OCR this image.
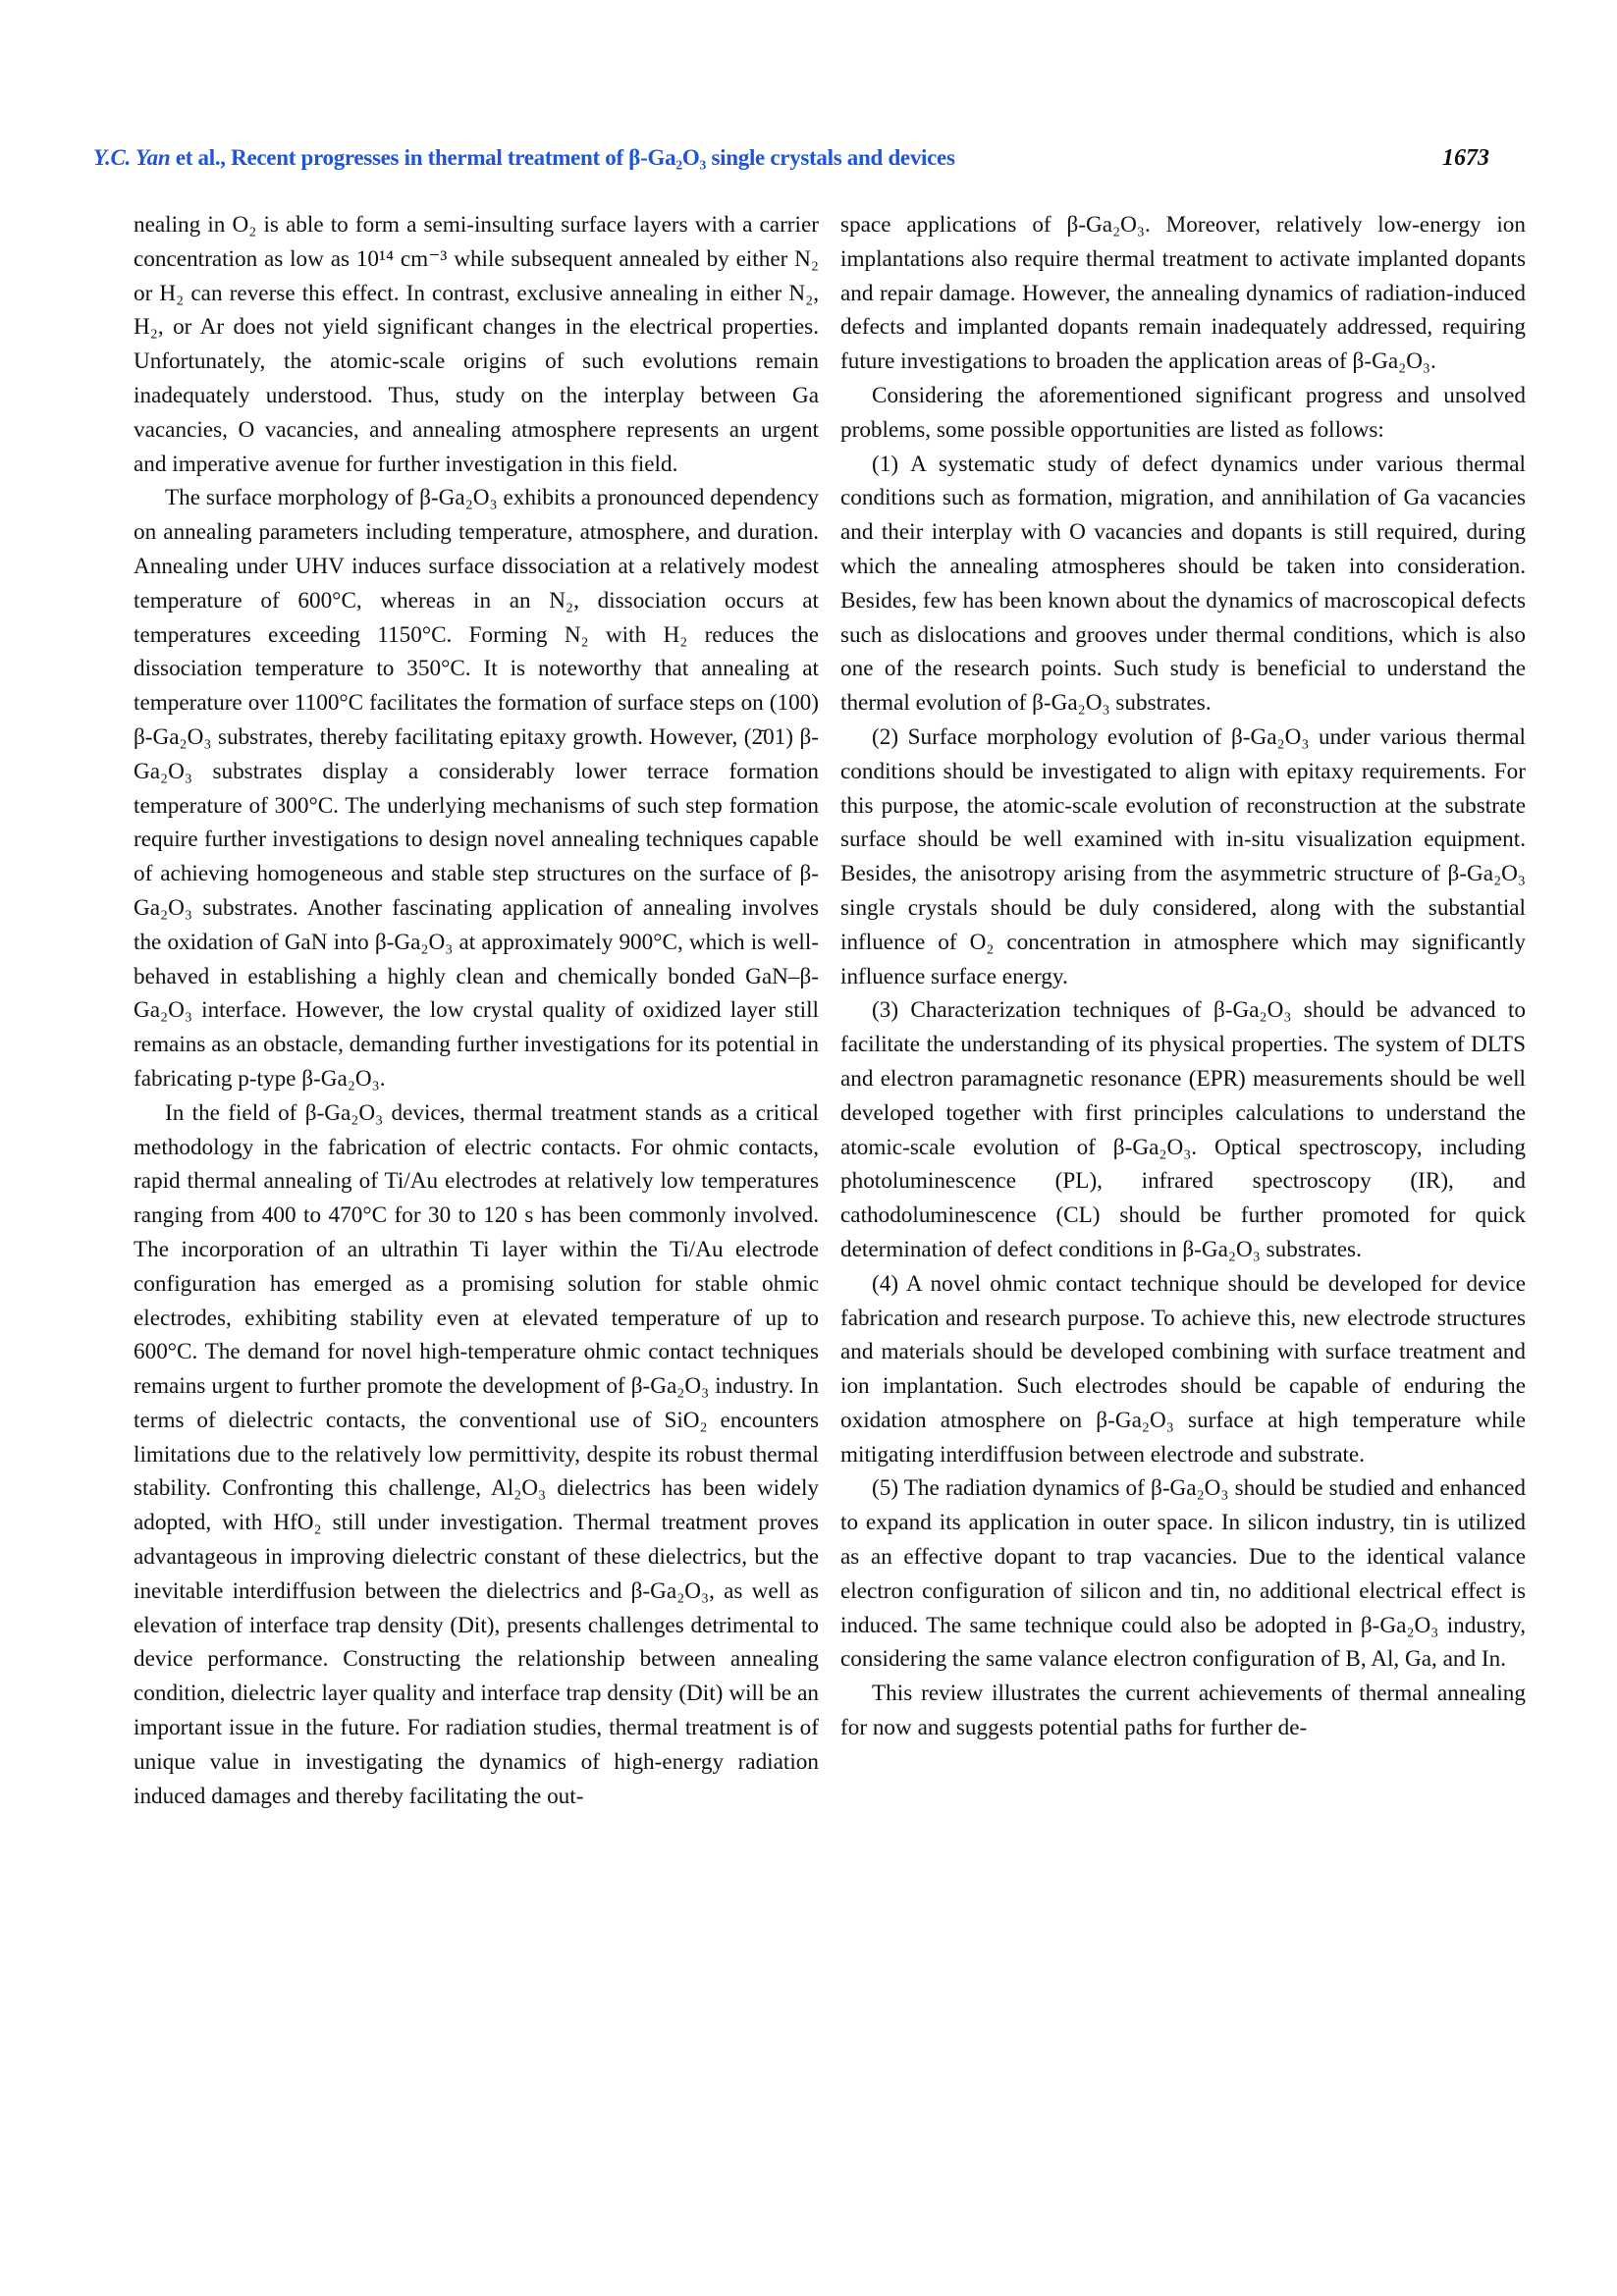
Y.C. Yan et al., Recent progresses in thermal treatment of β-Ga₂O₃ single crystals and devices	1673

nealing in O₂ is able to form a semi-insulting surface layers with a carrier concentration as low as 10¹⁴ cm⁻³ while subsequent annealed by either N₂ or H₂ can reverse this effect. In contrast, exclusive annealing in either N₂, H₂, or Ar does not yield significant changes in the electrical properties. Unfortunately, the atomic-scale origins of such evolutions remain inadequately understood. Thus, study on the interplay between Ga vacancies, O vacancies, and annealing atmosphere represents an urgent and imperative avenue for further investigation in this field.

The surface morphology of β-Ga₂O₃ exhibits a pronounced dependency on annealing parameters including temperature, atmosphere, and duration. Annealing under UHV induces surface dissociation at a relatively modest temperature of 600°C, whereas in an N₂, dissociation occurs at temperatures exceeding 1150°C. Forming N₂ with H₂ reduces the dissociation temperature to 350°C. It is noteworthy that annealing at temperature over 1100°C facilitates the formation of surface steps on (100) β-Ga₂O₃ substrates, thereby facilitating epitaxy growth. However, (2̄01) β-Ga₂O₃ substrates display a considerably lower terrace formation temperature of 300°C. The underlying mechanisms of such step formation require further investigations to design novel annealing techniques capable of achieving homogeneous and stable step structures on the surface of β-Ga₂O₃ substrates. Another fascinating application of annealing involves the oxidation of GaN into β-Ga₂O₃ at approximately 900°C, which is well-behaved in establishing a highly clean and chemically bonded GaN–β-Ga₂O₃ interface. However, the low crystal quality of oxidized layer still remains as an obstacle, demanding further investigations for its potential in fabricating p-type β-Ga₂O₃.

In the field of β-Ga₂O₃ devices, thermal treatment stands as a critical methodology in the fabrication of electric contacts. For ohmic contacts, rapid thermal annealing of Ti/Au electrodes at relatively low temperatures ranging from 400 to 470°C for 30 to 120 s has been commonly involved. The incorporation of an ultrathin Ti layer within the Ti/Au electrode configuration has emerged as a promising solution for stable ohmic electrodes, exhibiting stability even at elevated temperature of up to 600°C. The demand for novel high-temperature ohmic contact techniques remains urgent to further promote the development of β-Ga₂O₃ industry. In terms of dielectric contacts, the conventional use of SiO₂ encounters limitations due to the relatively low permittivity, despite its robust thermal stability. Confronting this challenge, Al₂O₃ dielectrics has been widely adopted, with HfO₂ still under investigation. Thermal treatment proves advantageous in improving dielectric constant of these dielectrics, but the inevitable interdiffusion between the dielectrics and β-Ga₂O₃, as well as elevation of interface trap density (Dit), presents challenges detrimental to device performance. Constructing the relationship between annealing condition, dielectric layer quality and interface trap density (Dit) will be an important issue in the future. For radiation studies, thermal treatment is of unique value in investigating the dynamics of high-energy radiation induced damages and thereby facilitating the out-

space applications of β-Ga₂O₃. Moreover, relatively low-energy ion implantations also require thermal treatment to activate implanted dopants and repair damage. However, the annealing dynamics of radiation-induced defects and implanted dopants remain inadequately addressed, requiring future investigations to broaden the application areas of β-Ga₂O₃.

Considering the aforementioned significant progress and unsolved problems, some possible opportunities are listed as follows:

(1) A systematic study of defect dynamics under various thermal conditions such as formation, migration, and annihilation of Ga vacancies and their interplay with O vacancies and dopants is still required, during which the annealing atmospheres should be taken into consideration. Besides, few has been known about the dynamics of macroscopical defects such as dislocations and grooves under thermal conditions, which is also one of the research points. Such study is beneficial to understand the thermal evolution of β-Ga₂O₃ substrates.

(2) Surface morphology evolution of β-Ga₂O₃ under various thermal conditions should be investigated to align with epitaxy requirements. For this purpose, the atomic-scale evolution of reconstruction at the substrate surface should be well examined with in-situ visualization equipment. Besides, the anisotropy arising from the asymmetric structure of β-Ga₂O₃ single crystals should be duly considered, along with the substantial influence of O₂ concentration in atmosphere which may significantly influence surface energy.

(3) Characterization techniques of β-Ga₂O₃ should be advanced to facilitate the understanding of its physical properties. The system of DLTS and electron paramagnetic resonance (EPR) measurements should be well developed together with first principles calculations to understand the atomic-scale evolution of β-Ga₂O₃. Optical spectroscopy, including photoluminescence (PL), infrared spectroscopy (IR), and cathodoluminescence (CL) should be further promoted for quick determination of defect conditions in β-Ga₂O₃ substrates.

(4) A novel ohmic contact technique should be developed for device fabrication and research purpose. To achieve this, new electrode structures and materials should be developed combining with surface treatment and ion implantation. Such electrodes should be capable of enduring the oxidation atmosphere on β-Ga₂O₃ surface at high temperature while mitigating interdiffusion between electrode and substrate.

(5) The radiation dynamics of β-Ga₂O₃ should be studied and enhanced to expand its application in outer space. In silicon industry, tin is utilized as an effective dopant to trap vacancies. Due to the identical valance electron configuration of silicon and tin, no additional electrical effect is induced. The same technique could also be adopted in β-Ga₂O₃ industry, considering the same valance electron configuration of B, Al, Ga, and In.

This review illustrates the current achievements of thermal annealing for now and suggests potential paths for further de-
